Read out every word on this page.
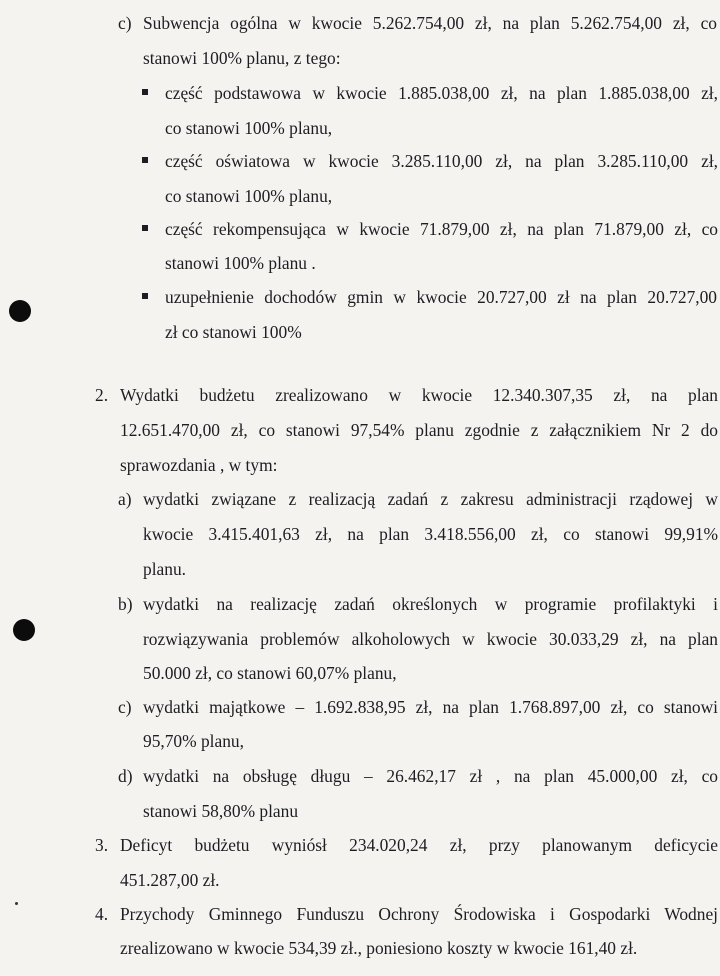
c) Subwencja ogólna w kwocie 5.262.754,00 zł, na plan 5.262.754,00 zł, co
stanowi 100% planu, z tego:
część podstawowa w kwocie 1.885.038,00 zł, na plan 1.885.038,00 zł,
co stanowi 100% planu,
część oświatowa w kwocie 3.285.110,00 zł, na plan 3.285.110,00 zł,
co stanowi 100% planu,
część rekompensująca w kwocie 71.879,00 zł, na plan 71.879,00 zł, co
stanowi 100% planu .
uzupełnienie dochodów gmin w kwocie 20.727,00 zł na plan 20.727,00
zł co stanowi 100%
2. Wydatki budżetu zrealizowano w kwocie 12.340.307,35 zł, na plan
12.651.470,00 zł, co stanowi 97,54% planu zgodnie z załącznikiem Nr 2 do
sprawozdania , w tym:
a) wydatki związane z realizacją zadań z zakresu administracji rządowej w
kwocie 3.415.401,63 zł, na plan 3.418.556,00 zł, co stanowi 99,91%
planu.
b) wydatki na realizację zadań określonych w programie profilaktyki i
rozwiązywania problemów alkoholowych w kwocie 30.033,29 zł, na plan
50.000 zł, co stanowi 60,07% planu,
c) wydatki majątkowe – 1.692.838,95 zł, na plan 1.768.897,00 zł, co stanowi
95,70% planu,
d) wydatki na obsługę długu – 26.462,17 zł , na plan 45.000,00 zł, co
stanowi 58,80% planu
3. Deficyt budżetu wyniósł 234.020,24 zł, przy planowanym deficycie
451.287,00 zł.
4. Przychody Gminnego Funduszu Ochrony Środowiska i Gospodarki Wodnej
zrealizowano w kwocie 534,39 zł., poniesiono koszty w kwocie 161,40 zł.
